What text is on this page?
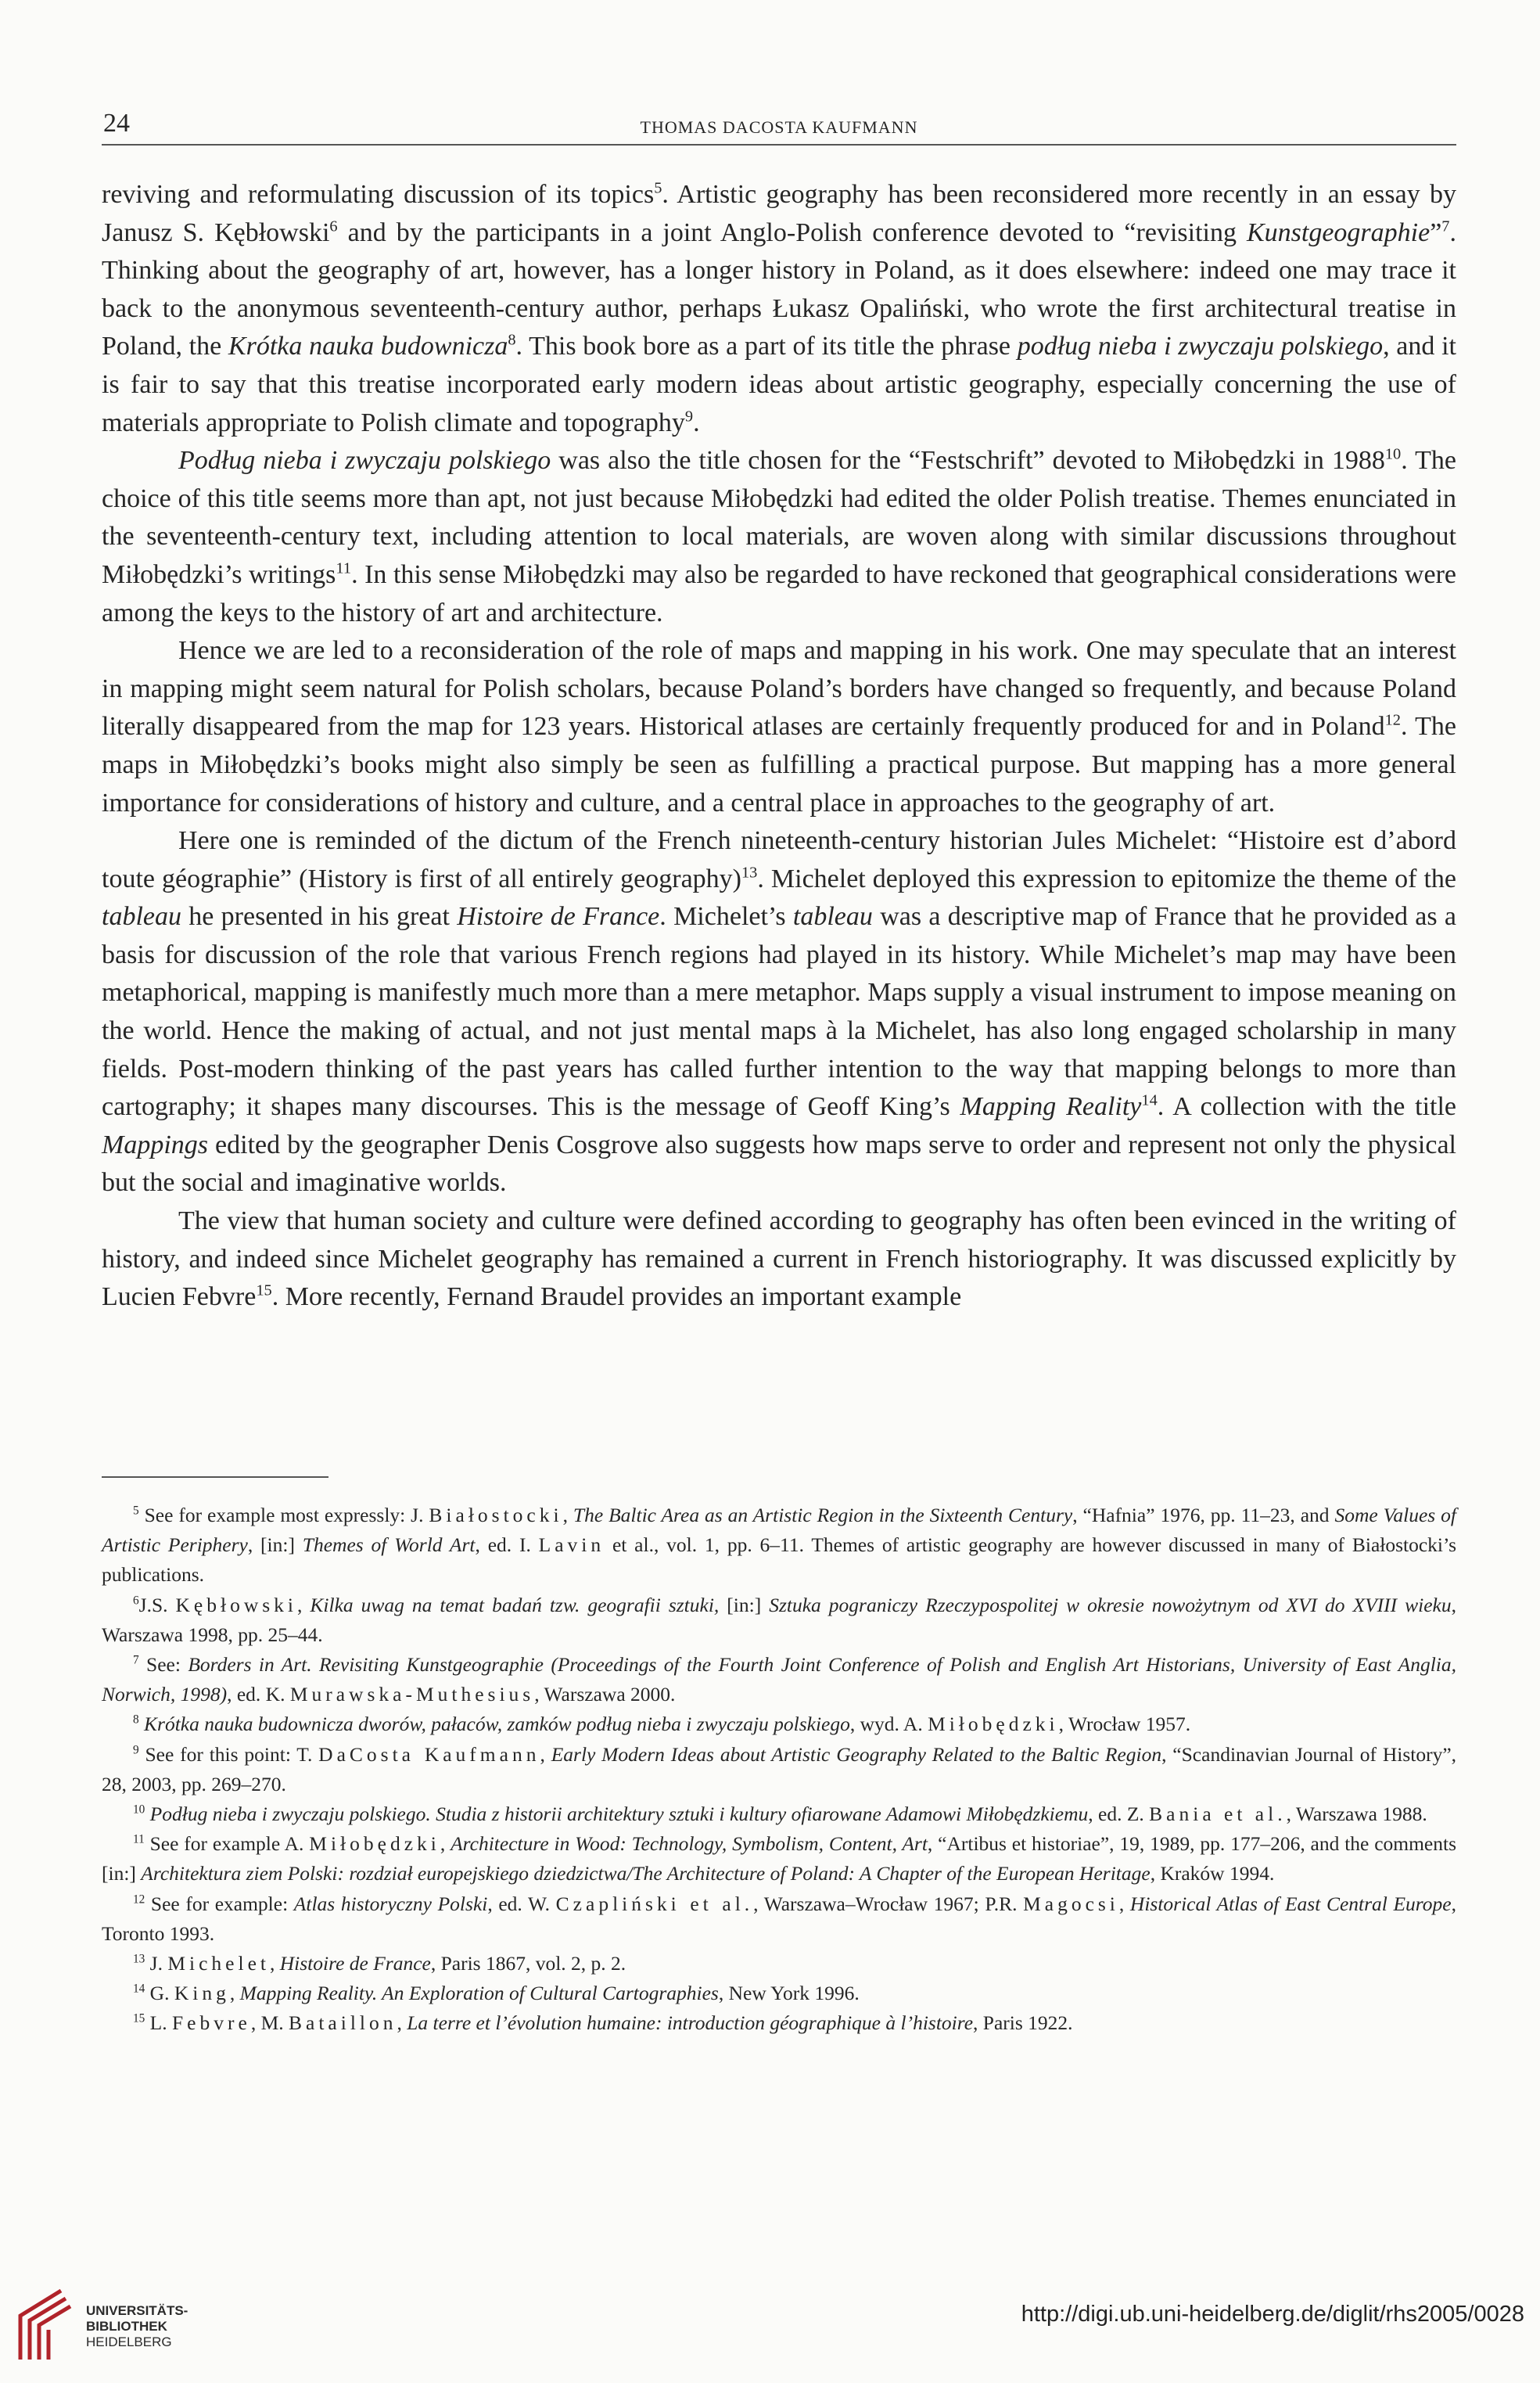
24	THOMAS DACOSTA KAUFMANN

reviving and reformulating discussion of its topics$^5$. Artistic geography has been reconsidered more recently in an essay by Janusz S. Kębłowski$^6$ and by the participants in a joint Anglo-Polish conference devoted to “revisiting Kunstgeographie”$^7$. Thinking about the geography of art, however, has a longer history in Poland, as it does elsewhere: indeed one may trace it back to the anonymous seventeenth-century author, perhaps Łukasz Opaliński, who wrote the first architectural treatise in Poland, the Krótka nauka budownicza$^8$. This book bore as a part of its title the phrase podług nieba i zwyczaju polskiego, and it is fair to say that this treatise incorporated early modern ideas about artistic geography, especially concerning the use of materials appropriate to Polish climate and topography$^9$.

Podług nieba i zwyczaju polskiego was also the title chosen for the “Festschrift” devoted to Miłobędzki in 1988$^{10}$. The choice of this title seems more than apt, not just because Miłobędzki had edited the older Polish treatise. Themes enunciated in the seventeenth-century text, including attention to local materials, are woven along with similar discussions throughout Miłobędzki’s writings$^{11}$. In this sense Miłobędzki may also be regarded to have reckoned that geographical considerations were among the keys to the history of art and architecture.

Hence we are led to a reconsideration of the role of maps and mapping in his work. One may speculate that an interest in mapping might seem natural for Polish scholars, because Poland’s borders have changed so frequently, and because Poland literally disappeared from the map for 123 years. Historical atlases are certainly frequently produced for and in Poland$^{12}$. The maps in Miłobędzki’s books might also simply be seen as fulfilling a practical purpose. But mapping has a more general importance for considerations of history and culture, and a central place in approaches to the geography of art.

Here one is reminded of the dictum of the French nineteenth-century historian Jules Michelet: “Histoire est d’abord toute géographie” (History is first of all entirely geography)$^{13}$. Michelet deployed this expression to epitomize the theme of the tableau he presented in his great Histoire de France. Michelet’s tableau was a descriptive map of France that he provided as a basis for discussion of the role that various French regions had played in its history. While Michelet’s map may have been metaphorical, mapping is manifestly much more than a mere metaphor. Maps supply a visual instrument to impose meaning on the world. Hence the making of actual, and not just mental maps à la Michelet, has also long engaged scholarship in many fields. Post-modern thinking of the past years has called further intention to the way that mapping belongs to more than cartography; it shapes many discourses. This is the message of Geoff King’s Mapping Reality$^{14}$. A collection with the title Mappings edited by the geographer Denis Cosgrove also suggests how maps serve to order and represent not only the physical but the social and imaginative worlds.

The view that human society and culture were defined according to geography has often been evinced in the writing of history, and indeed since Michelet geography has remained a current in French historiography. It was discussed explicitly by Lucien Febvre$^{15}$. More recently, Fernand Braudel provides an important example

$^5$ See for example most expressly: J. Białostocki, The Baltic Area as an Artistic Region in the Sixteenth Century, “Hafnia” 1976, pp. 11–23, and Some Values of Artistic Periphery, [in:] Themes of World Art, ed. I. Lavin et al., vol. 1, pp. 6–11. Themes of artistic geography are however discussed in many of Białostocki’s publications.

$^6$J.S. Kębłowski, Kilka uwag na temat badań tzw. geografii sztuki, [in:] Sztuka pograniczy Rzeczypospolitej w okresie nowożytnym od XVI do XVIII wieku, Warszawa 1998, pp. 25–44.

$^7$ See: Borders in Art. Revisiting Kunstgeographie (Proceedings of the Fourth Joint Conference of Polish and English Art Historians, University of East Anglia, Norwich, 1998), ed. K. Murawska-Muthesius, Warszawa 2000.

$^8$ Krótka nauka budownicza dworów, pałaców, zamków podług nieba i zwyczaju polskiego, wyd. A. Miłobędzki, Wrocław 1957.

$^9$ See for this point: T. DaCosta Kaufmann, Early Modern Ideas about Artistic Geography Related to the Baltic Region, “Scandinavian Journal of History”, 28, 2003, pp. 269–270.

$^{10}$ Podług nieba i zwyczaju polskiego. Studia z historii architektury sztuki i kultury ofiarowane Adamowi Miłobędzkiemu, ed. Z. Bania et al., Warszawa 1988.

$^{11}$ See for example A. Miłobędzki, Architecture in Wood: Technology, Symbolism, Content, Art, “Artibus et historiae”, 19, 1989, pp. 177–206, and the comments [in:] Architektura ziem Polski: rozdział europejskiego dziedzictwa/The Architecture of Poland: A Chapter of the European Heritage, Kraków 1994.

$^{12}$ See for example: Atlas historyczny Polski, ed. W. Czapliński et al., Warszawa–Wrocław 1967; P.R. Magocsi, Historical Atlas of East Central Europe, Toronto 1993.

$^{13}$ J. Michelet, Histoire de France, Paris 1867, vol. 2, p. 2.

$^{14}$ G. King, Mapping Reality. An Exploration of Cultural Cartographies, New York 1996.

$^{15}$ L. Febvre, M. Bataillon, La terre et l’évolution humaine: introduction géographique à l’histoire, Paris 1922.

UNIVERSITÄTS-
BIBLIOTHEK
HEIDELBERG
http://digi.ub.uni-heidelberg.de/diglit/rhs2005/0028
